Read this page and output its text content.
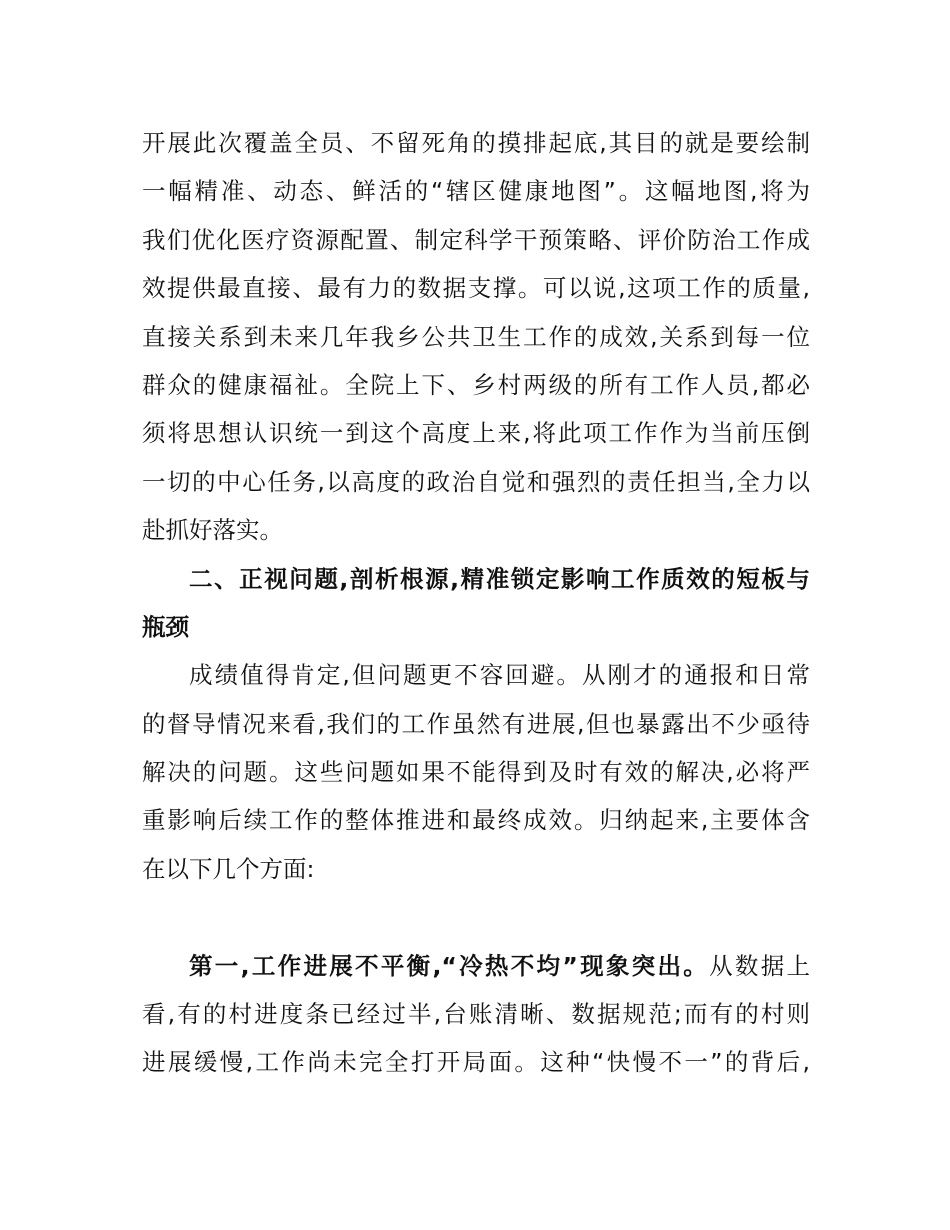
开展此次覆盖全员、不留死角的摸排起底,其目的就是要绘制
一幅精准、动态、鲜活的“辖区健康地图”。这幅地图,将为
我们优化医疗资源配置、制定科学干预策略、评价防治工作成
效提供最直接、最有力的数据支撑。可以说,这项工作的质量,
直接关系到未来几年我乡公共卫生工作的成效,关系到每一位
群众的健康福祉。全院上下、乡村两级的所有工作人员,都必
须将思想认识统一到这个高度上来,将此项工作作为当前压倒
一切的中心任务,以高度的政治自觉和强烈的责任担当,全力以
赴抓好落实。
二、正视问题,剖析根源,精准锁定影响工作质效的短板与
瓶颈
成绩值得肯定,但问题更不容回避。从刚才的通报和日常
的督导情况来看,我们的工作虽然有进展,但也暴露出不少亟待
解决的问题。这些问题如果不能得到及时有效的解决,必将严
重影响后续工作的整体推进和最终成效。归纳起来,主要体含
在以下几个方面:
第一,工作进展不平衡,“冷热不均”现象突出。从数据上
看,有的村进度条已经过半,台账清晰、数据规范;而有的村则
进展缓慢,工作尚未完全打开局面。这种“快慢不一”的背后,
